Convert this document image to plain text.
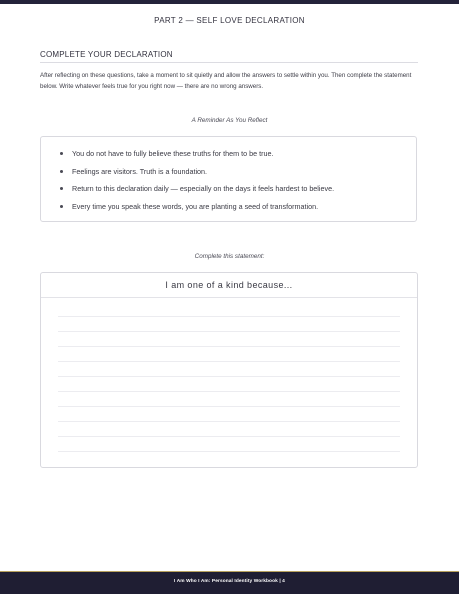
PART 2 — SELF LOVE DECLARATION
COMPLETE YOUR DECLARATION
After reflecting on these questions, take a moment to sit quietly and allow the answers to settle within you. Then complete the statement below. Write whatever feels true for you right now — there are no wrong answers.
A Reminder As You Reflect
You do not have to fully believe these truths for them to be true.
Feelings are visitors. Truth is a foundation.
Return to this declaration daily — especially on the days it feels hardest to believe.
Every time you speak these words, you are planting a seed of transformation.
Complete this statement:
I am one of a kind because...
I Am Who I Am: Personal Identity Workbook | 4
